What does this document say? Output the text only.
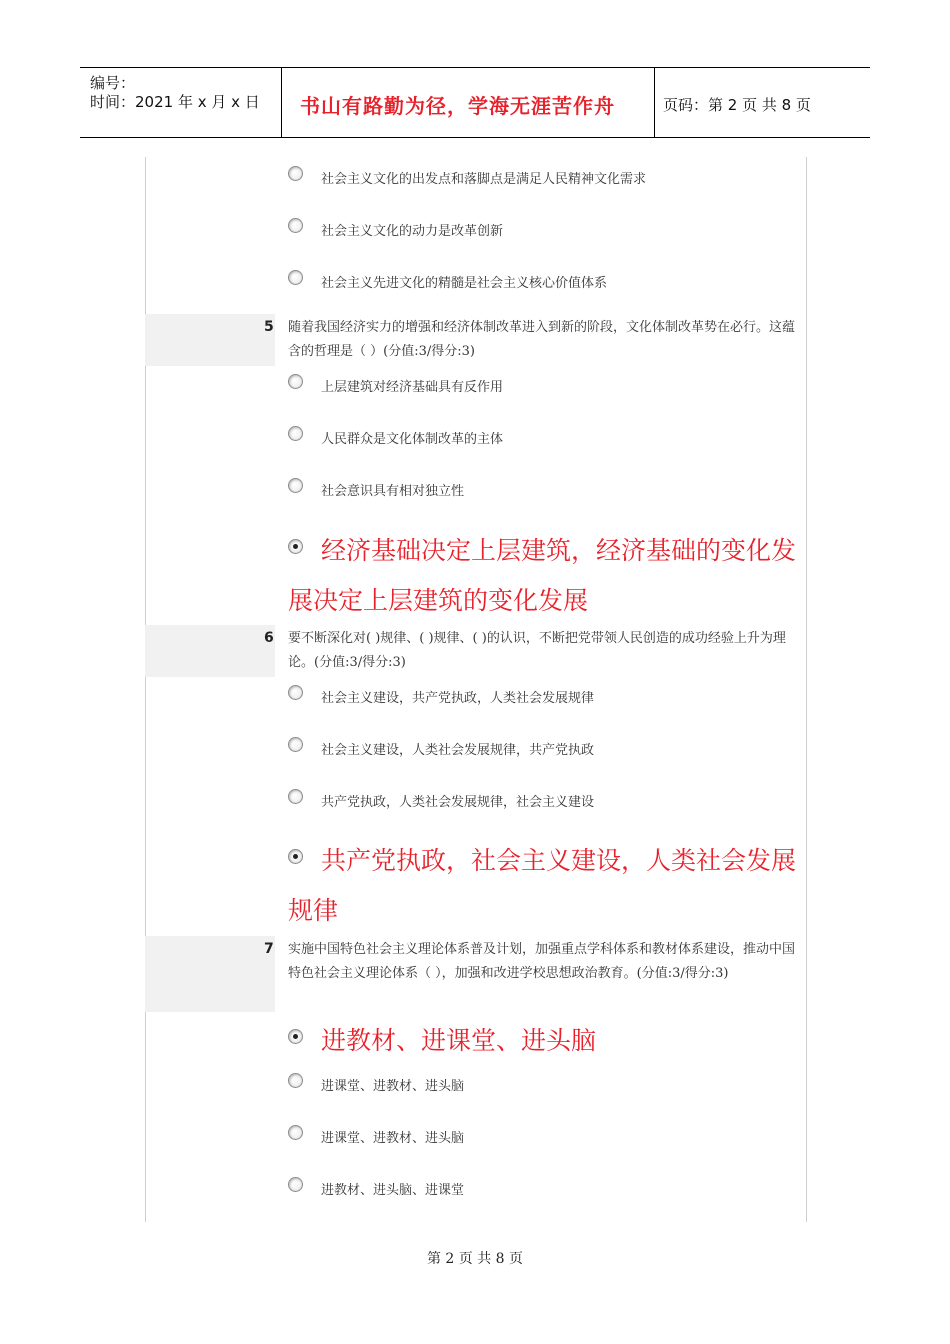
编号：
时间：2021 年 x 月 x 日 书山有路勤为径，学海无涯苦作舟	页码：第 2 页 共 8 页
社会主义文化的出发点和落脚点是满足人民精神文化需求
社会主义文化的动力是改革创新
社会主义先进文化的精髓是社会主义核心价值体系
5 随着我国经济实力的增强和经济体制改革进入到新的阶段，文化体制改革势在必行。这蕴含的哲理是（ ）(分值:3/得分:3)

上层建筑对经济基础具有反作用
人民群众是文化体制改革的主体
社会意识具有相对独立性

经济基础决定上层建筑，经济基础的变化发展决定上层建筑的变化发展

6 要不断深化对( )规律、( )规律、( )的认识，不断把党带领人民创造的成功经验上升为理论。(分值:3/得分:3)

社会主义建设，共产党执政，人类社会发展规律
社会主义建设，人类社会发展规律，共产党执政
共产党执政，人类社会发展规律，社会主义建设

共产党执政，社会主义建设，人类社会发展规律

7 实施中国特色社会主义理论体系普及计划，加强重点学科体系和教材体系建设，推动中国特色社会主义理论体系（ ），加强和改进学校思想政治教育。(分值:3/得分:3)

进教材、进课堂、进头脑

进课堂、进教材、进头脑
进课堂、进教材、进头脑
进教材、进头脑、进课堂
第 2 页 共 8 页
